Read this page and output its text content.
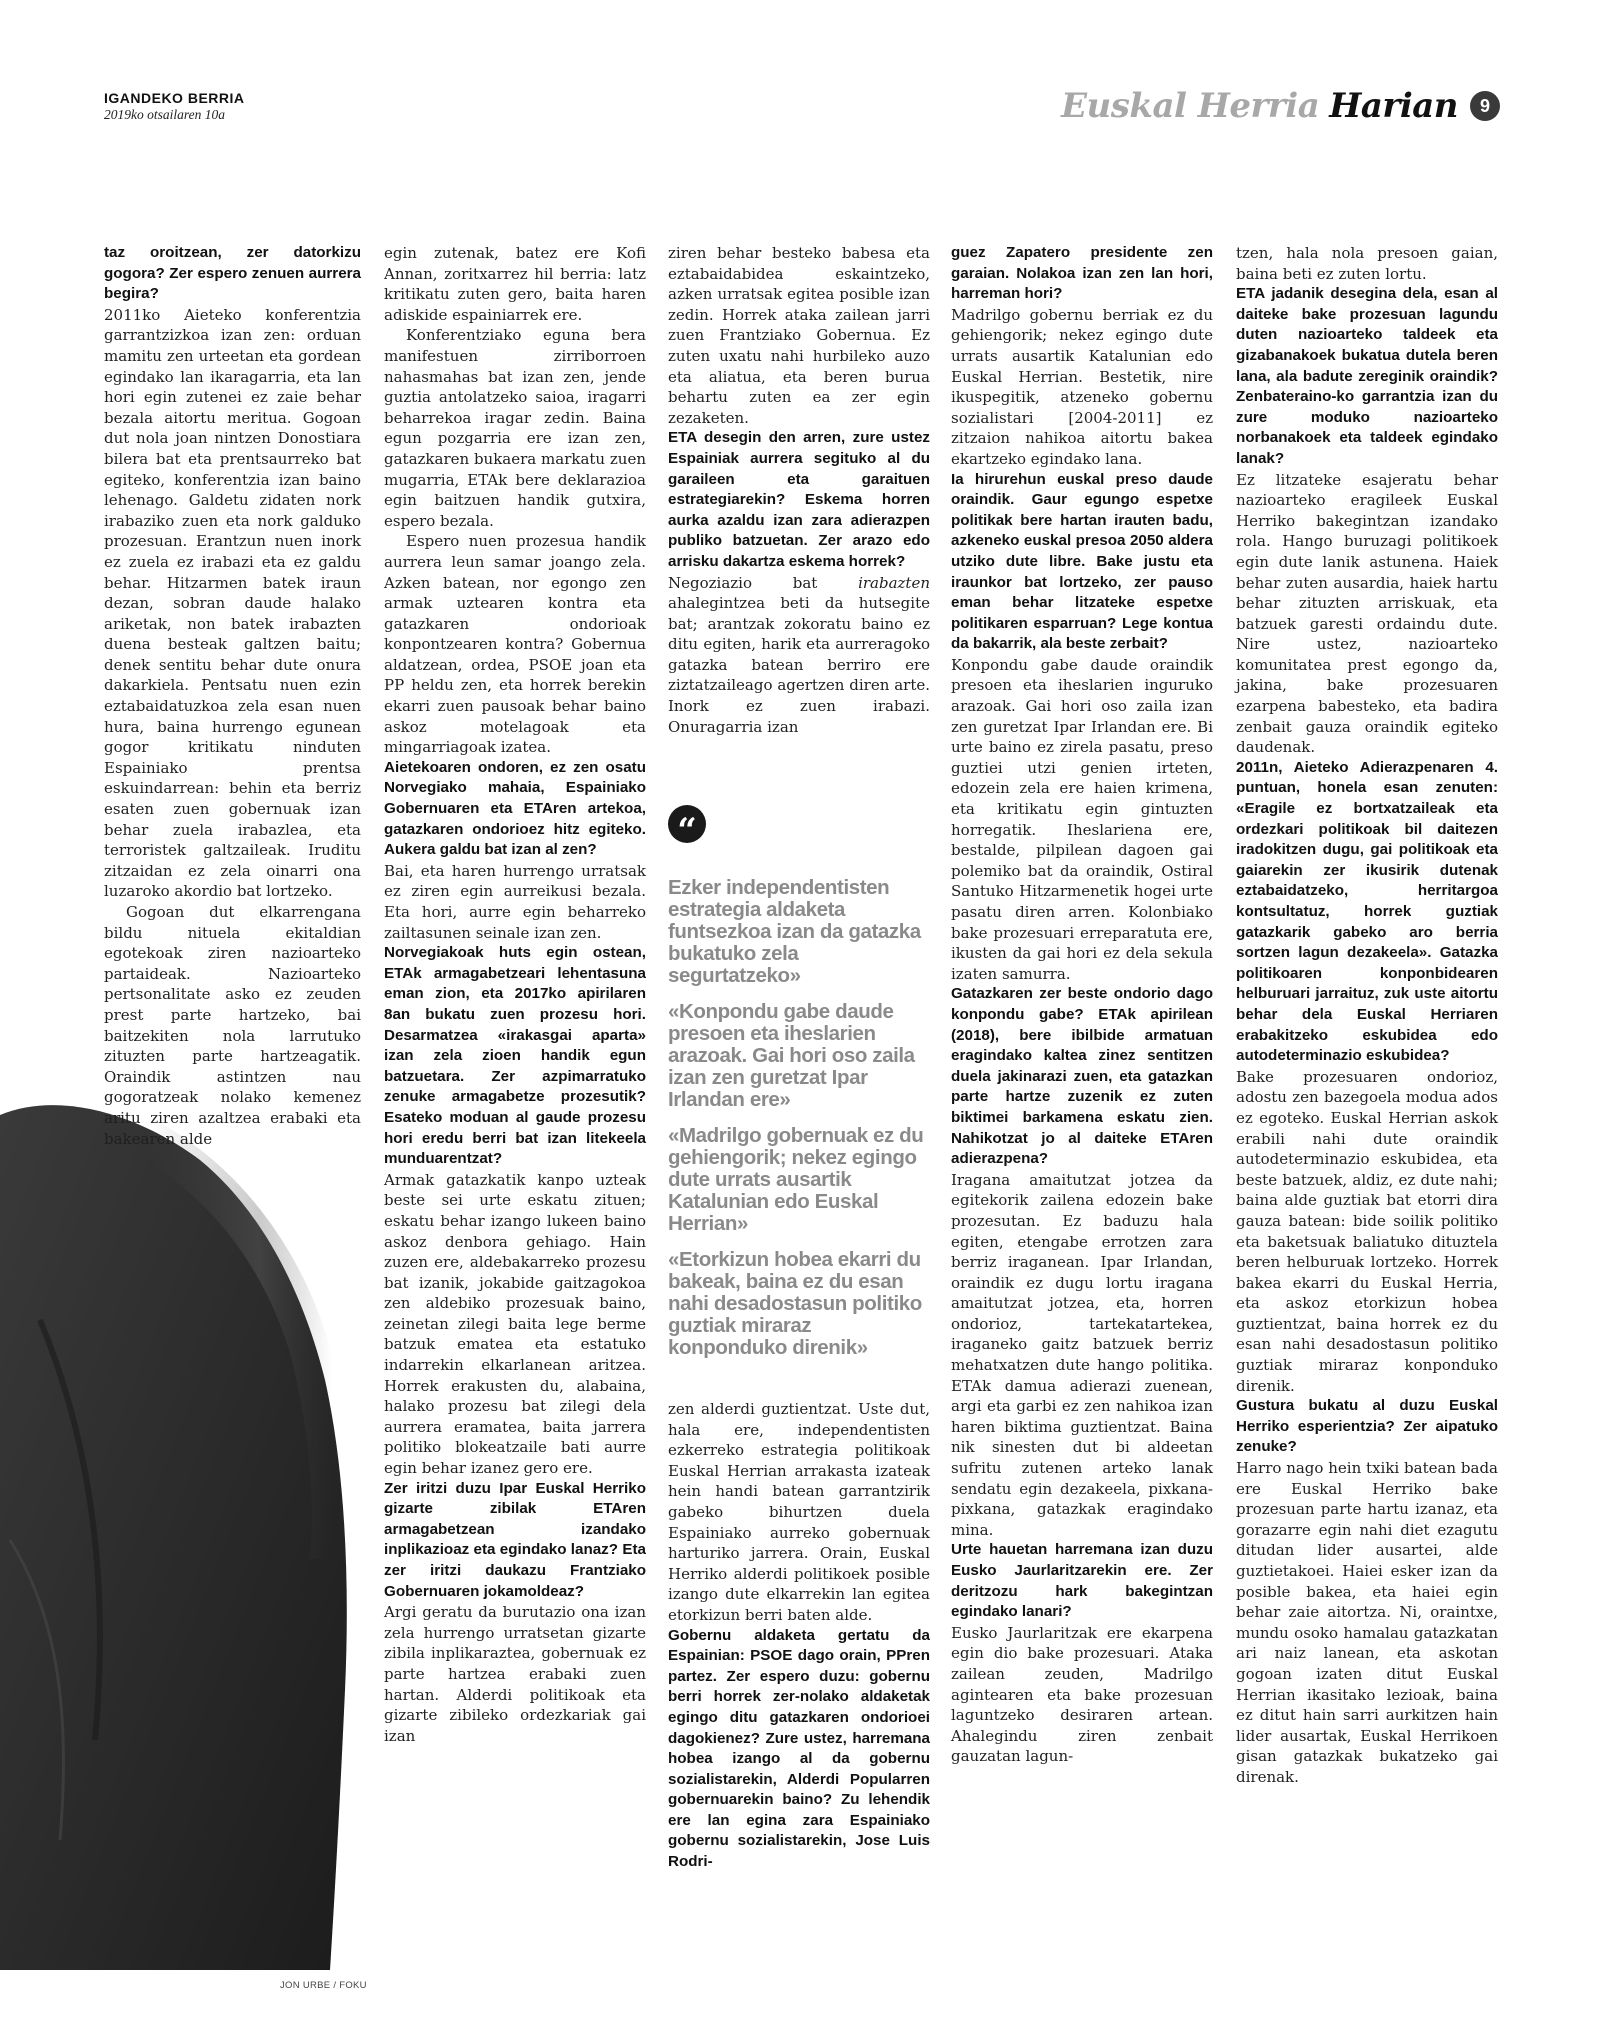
IGANDEKO BERRIA
2019ko otsailaren 10a	Euskal Herria Harian	9
JON URBE / FOKU

taz oroitzean, zer datorkizu gogora? Zer espero zenuen aurrera begira?

2011ko Aieteko konferentzia garrantzizkoa izan zen: orduan mamitu zen urteetan eta gordean egindako lan ikaragarria, eta lan hori egin zutenei ez zaie behar bezala aitortu meritua. Gogoan dut nola joan nintzen Donostiara bilera bat eta prentsaurreko bat egiteko, konferentzia izan baino lehenago. Galdetu zidaten nork irabaziko zuen eta nork galduko prozesuan. Erantzun nuen inork ez zuela ez irabazi eta ez galdu behar. Hitzarmen batek iraun dezan, sobran daude halako ariketak, non batek irabazten duena besteak galtzen baitu; denek sentitu behar dute onura dakarkiela. Pentsatu nuen ezin eztabaidatuzkoa zela esan nuen hura, baina hurrengo egunean gogor kritikatu ninduten Espainiako prentsa eskuindarrean: behin eta berriz esaten zuen gobernuak izan behar zuela irabazlea, eta terroristek galtzaileak. Iruditu zitzaidan ez zela oinarri ona luzaroko akordio bat lortzeko.

Gogoan dut elkarrengana bildu nituela ekitaldian egotekoak ziren nazioarteko partaideak. Nazioarteko pertsonalitate asko ez zeuden prest parte hartzeko, bai baitzekiten nola larrutuko zituzten parte hartzeagatik. Oraindik astintzen nau gogoratzeak nolako kemenez aritu ziren azaltzea erabaki eta bakearen alde

egin zutenak, batez ere Kofi Annan, zoritxarrez hil berria: latz kritikatu zuten gero, baita haren adiskide espainiarrek ere.

Konferentziako eguna bera manifestuen zirriborroen nahasmahas bat izan zen, jende guztia antolatzeko saioa, iragarri beharrekoa iragar zedin. Baina egun pozgarria ere izan zen, gatazkaren bukaera markatu zuen mugarria, ETAk bere deklarazioa egin baitzuen handik gutxira, espero bezala.

Espero nuen prozesua handik aurrera leun samar joango zela. Azken batean, nor egongo zen armak uztearen kontra eta gatazkaren ondorioak konpontzearen kontra? Gobernua aldatzean, ordea, PSOE joan eta PP heldu zen, eta horrek berekin ekarri zuen pausoak behar baino askoz motelagoak eta mingarriagoak izatea.

Aietekoaren ondoren, ez zen osatu Norvegiako mahaia, Espainiako Gobernuaren eta ETAren artekoa, gatazkaren ondorioez hitz egiteko. Aukera galdu bat izan al zen?

Bai, eta haren hurrengo urratsak ez ziren egin aurreikusi bezala. Eta hori, aurre egin beharreko zailtasunen seinale izan zen.

Norvegiakoak huts egin ostean, ETAk armagabetzeari lehentasuna eman zion, eta 2017ko apirilaren 8an bukatu zuen prozesu hori. Desarmatzea «irakasgai aparta» izan zela zioen handik egun batzuetara. Zer azpimarratuko zenuke armagabetze prozesutik? Esateko moduan al gaude prozesu hori eredu berri bat izan litekeela munduarentzat?

Armak gatazkatik kanpo uzteak beste sei urte eskatu zituen; eskatu behar izango lukeen baino askoz denbora gehiago. Hain zuzen ere, aldebakarreko prozesu bat izanik, jokabide gaitzagokoa zen aldebiko prozesuak baino, zeinetan zilegi baita lege berme batzuk ematea eta estatuko indarrekin elkarlanean aritzea. Horrek erakusten du, alabaina, halako prozesu bat zilegi dela aurrera eramatea, baita jarrera politiko blokeatzaile bati aurre egin behar izanez gero ere.

Zer iritzi duzu Ipar Euskal Herriko gizarte zibilak ETAren armagabetzean izandako inplikazioaz eta egindako lanaz? Eta zer iritzi daukazu Frantziako Gobernuaren jokamoldeaz?

Argi geratu da burutazio ona izan zela hurrengo urratsetan gizarte zibila inplikaraztea, gobernuak ez parte hartzea erabaki zuen hartan. Alderdi politikoak eta gizarte zibileko ordezkariak gai izan

ziren behar besteko babesa eta eztabaidabidea eskaintzeko, azken urratsak egitea posible izan zedin. Horrek ataka zailean jarri zuen Frantziako Gobernua. Ez zuten uxatu nahi hurbileko auzo eta aliatua, eta beren burua behartu zuten ea zer egin zezaketen.

ETA desegin den arren, zure ustez Espainiak aurrera segituko al du garaileen eta garaituen estrategiarekin? Eskema horren aurka azaldu izan zara adierazpen publiko batzuetan. Zer arazo edo arrisku dakartza eskema horrek?

Negoziazio bat irabazten ahalegintzea beti da hutsegite bat; arantzak zokoratu baino ez ditu egiten, harik eta aurreragoko gatazka batean berriro ere ziztatzaileago agertzen diren arte. Inork ez zuen irabazi. Onuragarria izan

“

Ezker independentisten estrategia aldaketa funtsezkoa izan da gatazka bukatuko zela segurtatzeko»

«Konpondu gabe daude presoen eta iheslarien arazoak. Gai hori oso zaila izan zen guretzat Ipar Irlandan ere»

«Madrilgo gobernuak ez du gehiengorik; nekez egingo dute urrats ausartik Katalunian edo Euskal Herrian»

«Etorkizun hobea ekarri du bakeak, baina ez du esan nahi desadostasun politiko guztiak miraraz konponduko direnik»

zen alderdi guztientzat. Uste dut, hala ere, independentisten ezkerreko estrategia politikoak Euskal Herrian arrakasta izateak hein handi batean garrantzirik gabeko bihurtzen duela Espainiako aurreko gobernuak harturiko jarrera. Orain, Euskal Herriko alderdi politikoek posible izango dute elkarrekin lan egitea etorkizun berri baten alde.

Gobernu aldaketa gertatu da Espainian: PSOE dago orain, PPren partez. Zer espero duzu: gobernu berri horrek zer-nolako aldaketak egingo ditu gatazkaren ondorioei dagokienez? Zure ustez, harremana hobea izango al da gobernu sozialistarekin, Alderdi Popularren gobernuarekin baino? Zu lehendik ere lan egina zara Espainiako gobernu sozialistarekin, Jose Luis Rodri-

guez Zapatero presidente zen garaian. Nolakoa izan zen lan hori, harreman hori?

Madrilgo gobernu berriak ez du gehiengorik; nekez egingo dute urrats ausartik Katalunian edo Euskal Herrian. Bestetik, nire ikuspegitik, atzeneko gobernu sozialistari [2004-2011] ez zitzaion nahikoa aitortu bakea ekartzeko egindako lana.

Ia hirurehun euskal preso daude oraindik. Gaur egungo espetxe politikak bere hartan irauten badu, azkeneko euskal presoa 2050 aldera utziko dute libre. Bake justu eta iraunkor bat lortzeko, zer pauso eman behar litzateke espetxe politikaren esparruan? Lege kontua da bakarrik, ala beste zerbait?

Konpondu gabe daude oraindik presoen eta iheslarien inguruko arazoak. Gai hori oso zaila izan zen guretzat Ipar Irlandan ere. Bi urte baino ez zirela pasatu, preso guztiei utzi genien irteten, edozein zela ere haien krimena, eta kritikatu egin gintuzten horregatik. Iheslariena ere, bestalde, pilpilean dagoen gai polemiko bat da oraindik, Ostiral Santuko Hitzarmenetik hogei urte pasatu diren arren. Kolonbiako bake prozesuari erreparatuta ere, ikusten da gai hori ez dela sekula izaten samurra.

Gatazkaren zer beste ondorio dago konpondu gabe? ETAk apirilean (2018), bere ibilbide armatuan eragindako kaltea zinez sentitzen duela jakinarazi zuen, eta gatazkan parte hartze zuzenik ez zuten biktimei barkamena eskatu zien. Nahikotzat jo al daiteke ETAren adierazpena?

Iragana amaitutzat jotzea da egitekorik zailena edozein bake prozesutan. Ez baduzu hala egiten, etengabe errotzen zara berriz iraganean. Ipar Irlandan, oraindik ez dugu lortu iragana amaitutzat jotzea, eta, horren ondorioz, tartekatartekea, iraganeko gaitz batzuek berriz mehatxatzen dute hango politika. ETAk damua adierazi zuenean, argi eta garbi ez zen nahikoa izan haren biktima guztientzat. Baina nik sinesten dut bi aldeetan sufritu zutenen arteko lanak sendatu egin dezakeela, pixkana-pixkana, gatazkak eragindako mina.

Urte hauetan harremana izan duzu Eusko Jaurlaritzarekin ere. Zer deritzozu hark bakegintzan egindako lanari?

Eusko Jaurlaritzak ere ekarpena egin dio bake prozesuari. Ataka zailean zeuden, Madrilgo agintearen eta bake prozesuan laguntzeko desiraren artean. Ahalegindu ziren zenbait gauzatan lagun-

tzen, hala nola presoen gaian, baina beti ez zuten lortu.

ETA jadanik desegina dela, esan al daiteke bake prozesuan lagundu duten nazioarteko taldeek eta gizabanakoek bukatua dutela beren lana, ala badute zereginik oraindik? Zenbateraino-ko garrantzia izan du zure moduko nazioarteko norbanakoek eta taldeek egindako lanak?

Ez litzateke esajeratu behar nazioarteko eragileek Euskal Herriko bakegintzan izandako rola. Hango buruzagi politikoek egin dute lanik astunena. Haiek behar zuten ausardia, haiek hartu behar zituzten arriskuak, eta batzuek garesti ordaindu dute. Nire ustez, nazioarteko komunitatea prest egongo da, jakina, bake prozesuaren ezarpena babesteko, eta badira zenbait gauza oraindik egiteko daudenak.

2011n, Aieteko Adierazpenaren 4. puntuan, honela esan zenuten: «Eragile ez bortxatzaileak eta ordezkari politikoak bil daitezen iradokitzen dugu, gai politikoak eta gaiarekin zer ikusirik dutenak eztabaidatzeko, herritargoa kontsultatuz, horrek guztiak gatazkarik gabeko aro berria sortzen lagun dezakeela». Gatazka politikoaren konponbidearen helburuari jarraituz, zuk uste aitortu behar dela Euskal Herriaren erabakitzeko eskubidea edo autodeterminazio eskubidea?

Bake prozesuaren ondorioz, adostu zen bazegoela modua ados ez egoteko. Euskal Herrian askok erabili nahi dute oraindik autodeterminazio eskubidea, eta beste batzuek, aldiz, ez dute nahi; baina alde guztiak bat etorri dira gauza batean: bide soilik politiko eta baketsuak baliatuko dituztela beren helburuak lortzeko. Horrek bakea ekarri du Euskal Herria, eta askoz etorkizun hobea guztientzat, baina horrek ez du esan nahi desadostasun politiko guztiak miraraz konponduko direnik.

Gustura bukatu al duzu Euskal Herriko esperientzia? Zer aipatuko zenuke?

Harro nago hein txiki batean bada ere Euskal Herriko bake prozesuan parte hartu izanaz, eta gorazarre egin nahi diet ezagutu ditudan lider ausartei, alde guztietakoei. Haiei esker izan da posible bakea, eta haiei egin behar zaie aitortza. Ni, oraintxe, mundu osoko hamalau gatazkatan ari naiz lanean, eta askotan gogoan izaten ditut Euskal Herrian ikasitako lezioak, baina ez ditut hain sarri aurkitzen hain lider ausartak, Euskal Herrikoen gisan gatazkak bukatzeko gai direnak.
